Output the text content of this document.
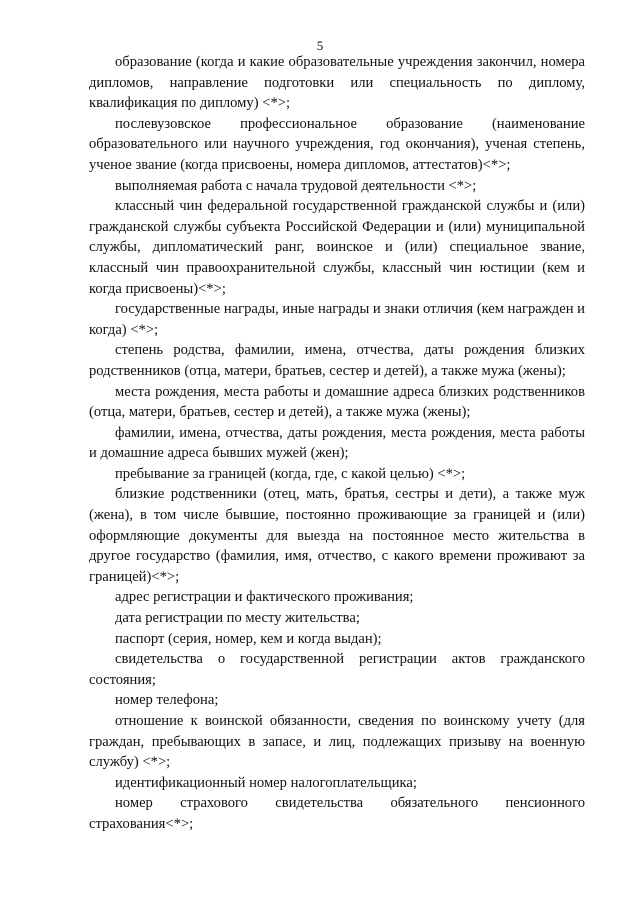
5

образование (когда и какие образовательные учреждения закончил, номера дипломов, направление подготовки или специальность по диплому, квалификация по диплому) <*>;

послевузовское профессиональное образование (наименование образовательного или научного учреждения, год окончания), ученая степень, ученое звание (когда присвоены, номера дипломов, аттестатов)<*>;

выполняемая работа с начала трудовой деятельности <*>;

классный чин федеральной государственной гражданской службы и (или) гражданской службы субъекта Российской Федерации и (или) муниципальной службы, дипломатический ранг, воинское и (или) специальное звание, классный чин правоохранительной службы, классный чин юстиции (кем и когда присвоены)<*>;

государственные награды, иные награды и знаки отличия (кем награжден и когда) <*>;

степень родства, фамилии, имена, отчества, даты рождения близких родственников (отца, матери, братьев, сестер и детей), а также мужа (жены);

места рождения, места работы и домашние адреса близких родственников (отца, матери, братьев, сестер и детей), а также мужа (жены);

фамилии, имена, отчества, даты рождения, места рождения, места работы и домашние адреса бывших мужей (жен);

пребывание за границей (когда, где, с какой целью) <*>;

близкие родственники (отец, мать, братья, сестры и дети), а также муж (жена), в том числе бывшие, постоянно проживающие за границей и (или) оформляющие документы для выезда на постоянное место жительства в другое государство (фамилия, имя, отчество, с какого времени проживают за границей)<*>;

адрес регистрации и фактического проживания;

дата регистрации по месту жительства;

паспорт (серия, номер, кем и когда выдан);

свидетельства о государственной регистрации актов гражданского состояния;

номер телефона;

отношение к воинской обязанности, сведения по воинскому учету (для граждан, пребывающих в запасе, и лиц, подлежащих призыву на военную службу) <*>;

идентификационный номер налогоплательщика;

номер страхового свидетельства обязательного пенсионного страхования<*>;
